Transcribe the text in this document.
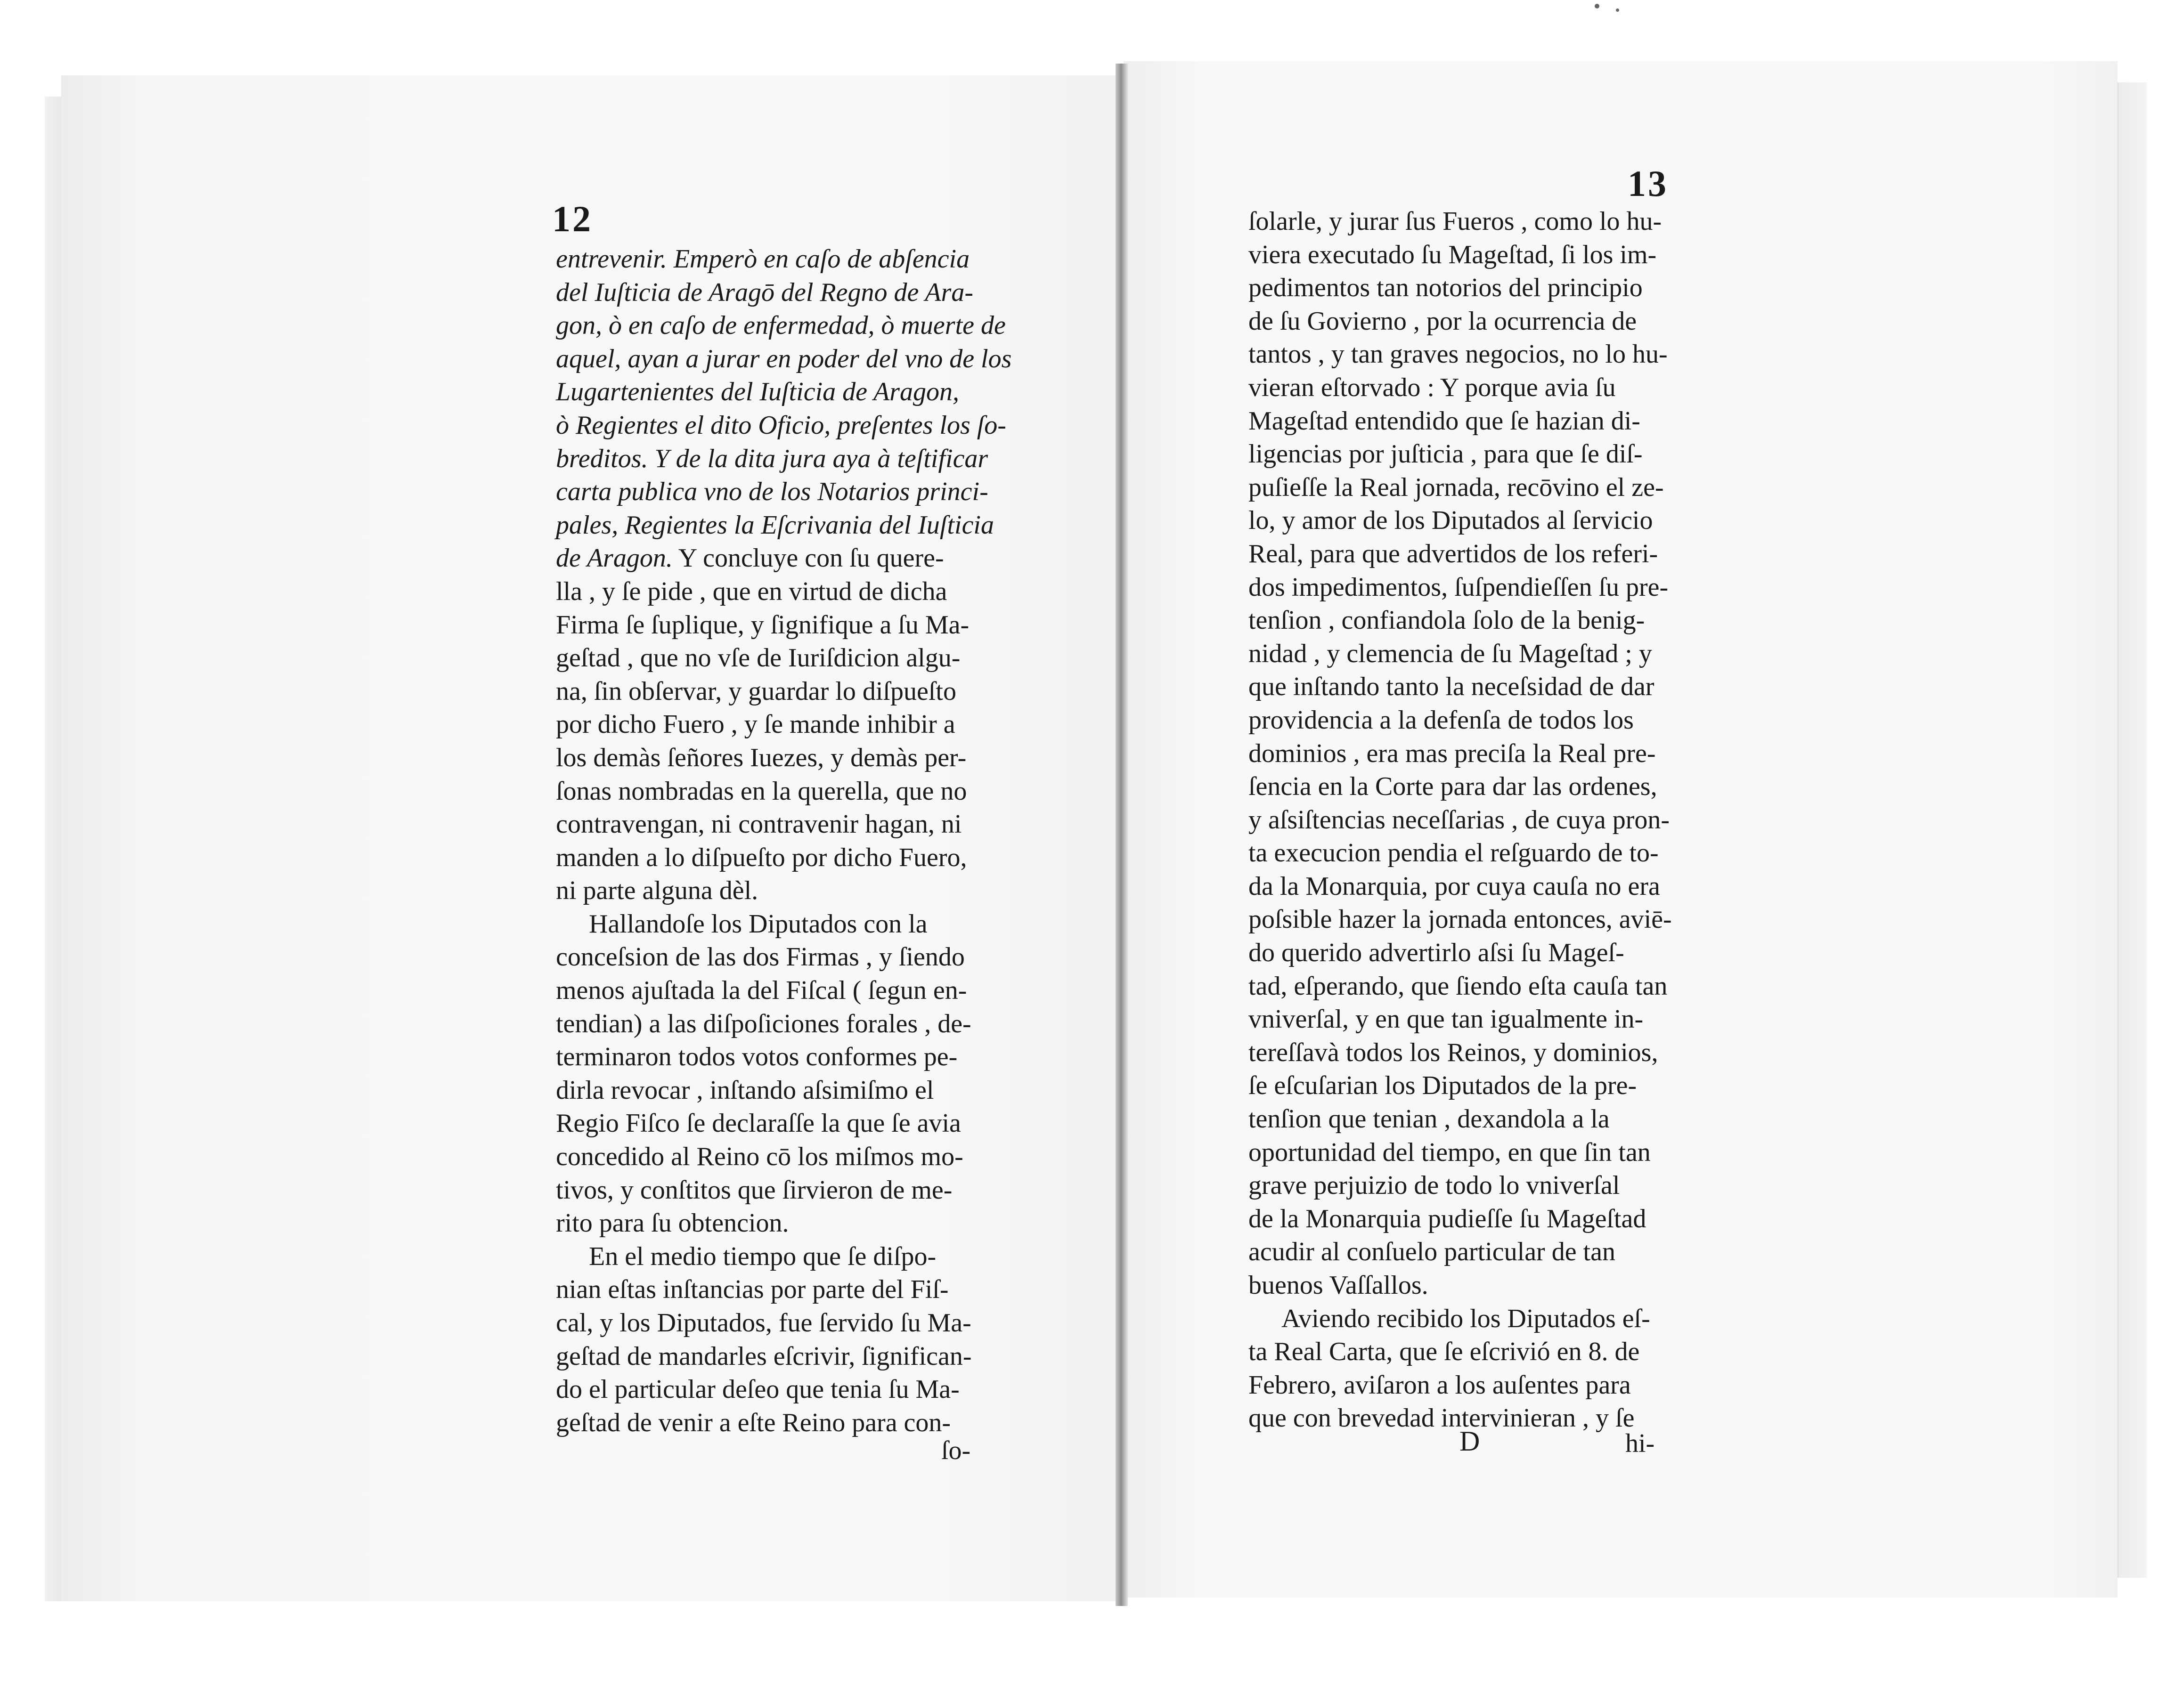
12
entrevenir. Emperò en caſo de abſencia
del Iuſticia de Aragō del Regno de Ara-
gon, ò en caſo de enfermedad, ò muerte de
aquel, ayan a jurar en poder del vno de los
Lugartenientes del Iuſticia de Aragon,
ò Regientes el dito Oficio, preſentes los ſo-
breditos. Y de la dita jura aya à teſtificar
carta publica vno de los Notarios princi-
pales, Regientes la Eſcrivania del Iuſticia
de Aragon. Y concluye con ſu quere-
lla , y ſe pide , que en virtud de dicha
Firma ſe ſuplique, y ſignifique a ſu Ma-
geſtad , que no vſe de Iuriſdicion algu-
na, ſin obſervar, y guardar lo diſpueſto
por dicho Fuero , y ſe mande inhibir a
los demàs ſeñores Iuezes, y demàs per-
ſonas nombradas en la querella, que no
contravengan, ni contravenir hagan, ni
manden a lo diſpueſto por dicho Fuero,
ni parte alguna dèl.
Hallandoſe los Diputados con la
conceſsion de las dos Firmas , y ſiendo
menos ajuſtada la del Fiſcal ( ſegun en-
tendian) a las diſpoſiciones forales , de-
terminaron todos votos conformes pe-
dirla revocar , inſtando aſsimiſmo el
Regio Fiſco ſe declaraſſe la que ſe avia
concedido al Reino cō los miſmos mo-
tivos, y conſtitos que ſirvieron de me-
rito para ſu obtencion.
En el medio tiempo que ſe diſpo-
nian eſtas inſtancias por parte del Fiſ-
cal, y los Diputados, fue ſervido ſu Ma-
geſtad de mandarles eſcrivir, ſignifican-
do el particular deſeo que tenia ſu Ma-
geſtad de venir a eſte Reino para con-
ſo-
13
ſolarle, y jurar ſus Fueros , como lo hu-
viera executado ſu Mageſtad, ſi los im-
pedimentos tan notorios del principio
de ſu Govierno , por la ocurrencia de
tantos , y tan graves negocios, no lo hu-
vieran eſtorvado : Y porque avia ſu
Mageſtad entendido que ſe hazian di-
ligencias por juſticia , para que ſe diſ-
puſieſſe la Real jornada, recōvino el ze-
lo, y amor de los Diputados al ſervicio
Real, para que advertidos de los referi-
dos impedimentos, ſuſpendieſſen ſu pre-
tenſion , confiandola ſolo de la benig-
nidad , y clemencia de ſu Mageſtad ; y
que inſtando tanto la neceſsidad de dar
providencia a la defenſa de todos los
dominios , era mas preciſa la Real pre-
ſencia en la Corte para dar las ordenes,
y aſsiſtencias neceſſarias , de cuya pron-
ta execucion pendia el reſguardo de to-
da la Monarquia, por cuya cauſa no era
poſsible hazer la jornada entonces, aviē-
do querido advertirlo aſsi ſu Mageſ-
tad, eſperando, que ſiendo eſta cauſa tan
vniverſal, y en que tan igualmente in-
tereſſavà todos los Reinos, y dominios,
ſe eſcuſarian los Diputados de la pre-
tenſion que tenian , dexandola a la
oportunidad del tiempo, en que ſin tan
grave perjuizio de todo lo vniverſal
de la Monarquia pudieſſe ſu Mageſtad
acudir al conſuelo particular de tan
buenos Vaſſallos.
Aviendo recibido los Diputados eſ-
ta Real Carta, que ſe eſcrivió en 8. de
Febrero, aviſaron a los auſentes para
que con brevedad intervinieran , y ſe
D	hi-
